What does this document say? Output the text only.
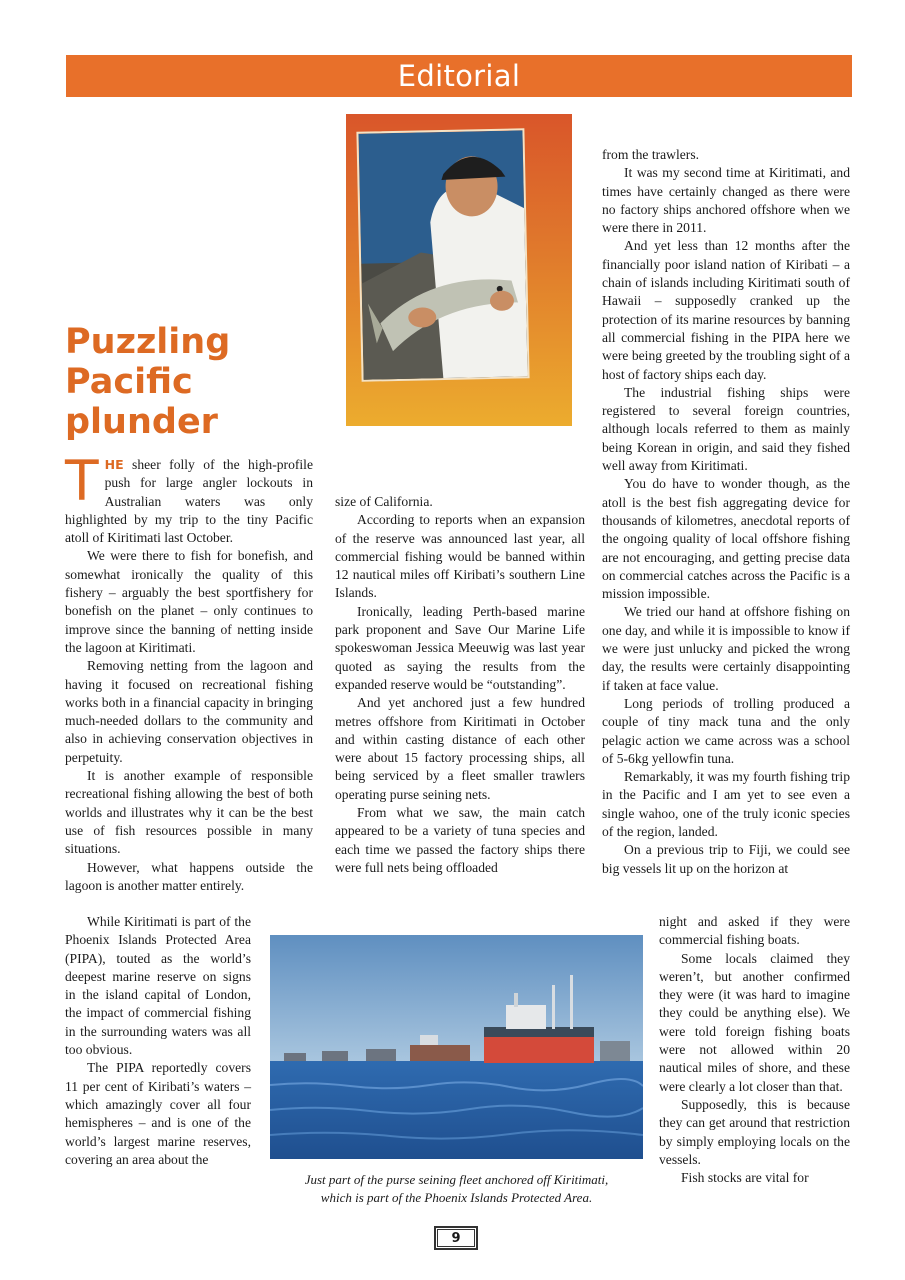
Editorial
Puzzling
Pacific
plunder

THE sheer folly of the high-profile push for large angler lockouts in Australian waters was only highlighted by my trip to the tiny Pacific atoll of Kiritimati last October.

We were there to fish for bonefish, and somewhat ironically the quality of this fishery – arguably the best sportfishery for bonefish on the planet – only continues to improve since the banning of netting inside the lagoon at Kiritimati.

Removing netting from the lagoon and having it focused on recreational fishing works both in a financial capacity in bringing much-needed dollars to the community and also in achieving conservation objectives in perpetuity.

It is another example of responsible recreational fishing allowing the best of both worlds and illustrates why it can be the best use of fish resources possible in many situations.

However, what happens outside the lagoon is another matter entirely.

While Kiritimati is part of the Phoenix Islands Protected Area (PIPA), touted as the world’s deepest marine reserve on signs in the island capital of London, the impact of commercial fishing in the surrounding waters was all too obvious.

The PIPA reportedly covers 11 per cent of Kiribati’s waters – which amazingly cover all four hemispheres – and is one of the world’s largest marine reserves, covering an area about the

size of California.

According to reports when an expansion of the reserve was announced last year, all commercial fishing would be banned within 12 nautical miles off Kiribati’s southern Line Islands.

Ironically, leading Perth-based marine park proponent and Save Our Marine Life spokeswoman Jessica Meeuwig was last year quoted as saying the results from the expanded reserve would be “outstanding”.

And yet anchored just a few hundred metres offshore from Kiritimati in October and within casting distance of each other were about 15 factory processing ships, all being serviced by a fleet smaller trawlers operating purse seining nets.

From what we saw, the main catch appeared to be a variety of tuna species and each time we passed the factory ships there were full nets being offloaded

from the trawlers.

It was my second time at Kiritimati, and times have certainly changed as there were no factory ships anchored offshore when we were there in 2011.

And yet less than 12 months after the financially poor island nation of Kiribati – a chain of islands including Kiritimati south of Hawaii – supposedly cranked up the protection of its marine resources by banning all commercial fishing in the PIPA here we were being greeted by the troubling sight of a host of factory ships each day.

The industrial fishing ships were registered to several foreign countries, although locals referred to them as mainly being Korean in origin, and said they fished well away from Kiritimati.

You do have to wonder though, as the atoll is the best fish aggregating device for thousands of kilometres, anecdotal reports of the ongoing quality of local offshore fishing are not encouraging, and getting precise data on commercial catches across the Pacific is a mission impossible.

We tried our hand at offshore fishing on one day, and while it is impossible to know if we were just unlucky and picked the wrong day, the results were certainly disappointing if taken at face value.

Long periods of trolling produced a couple of tiny mack tuna and the only pelagic action we came across was a school of 5-6kg yellowfin tuna.

Remarkably, it was my fourth fishing trip in the Pacific and I am yet to see even a single wahoo, one of the truly iconic species of the region, landed.

On a previous trip to Fiji, we could see big vessels lit up on the horizon at

night and asked if they were commercial fishing boats.

Some locals claimed they weren’t, but another confirmed they were (it was hard to imagine they could be anything else). We were told foreign fishing boats were not allowed within 20 nautical miles of shore, and these were clearly a lot closer than that.

Supposedly, this is because they can get around that restriction by simply employing locals on the vessels.

Fish stocks are vital for

Just part of the purse seining fleet anchored off Kiritimati,
which is part of the Phoenix Islands Protected Area.
9
